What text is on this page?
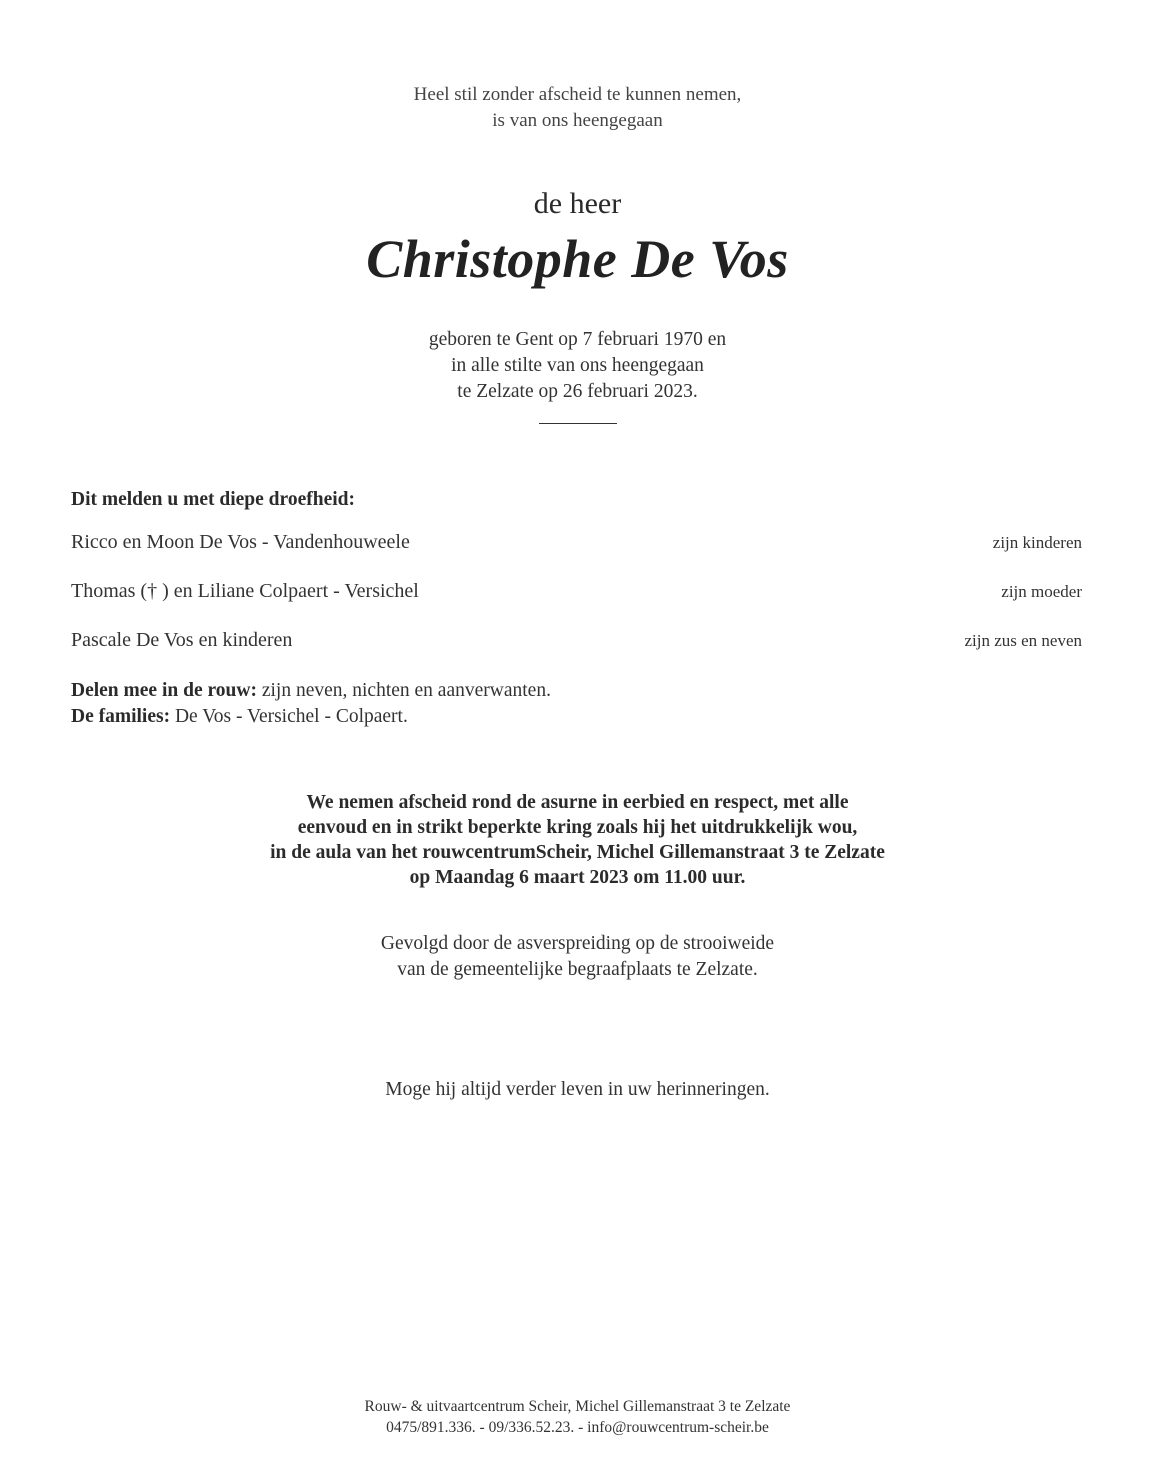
Heel stil zonder afscheid te kunnen nemen,
is van ons heengegaan
de heer
Christophe De Vos
geboren te Gent op 7 februari 1970 en
in alle stilte van ons heengegaan
te Zelzate op 26 februari 2023.
Dit melden u met diepe droefheid:
Ricco en Moon De Vos - Vandenhouweele	zijn kinderen
Thomas († ) en Liliane Colpaert - Versichel	zijn moeder
Pascale De Vos en kinderen	zijn zus en neven
Delen mee in de rouw: zijn neven, nichten en aanverwanten.
De families: De Vos - Versichel - Colpaert.
We nemen afscheid rond de asurne in eerbied en respect, met alle
eenvoud en in strikt beperkte kring zoals hij het uitdrukkelijk wou,
in de aula van het rouwcentrumScheir, Michel Gillemanstraat 3 te Zelzate
op Maandag 6 maart 2023 om 11.00 uur.
Gevolgd door de asverspreiding op de strooiweide
van de gemeentelijke begraafplaats te Zelzate.
Moge hij altijd verder leven in uw herinneringen.
Rouw- & uitvaartcentrum Scheir, Michel Gillemanstraat 3 te Zelzate
0475/891.336. - 09/336.52.23. - info@rouwcentrum-scheir.be
